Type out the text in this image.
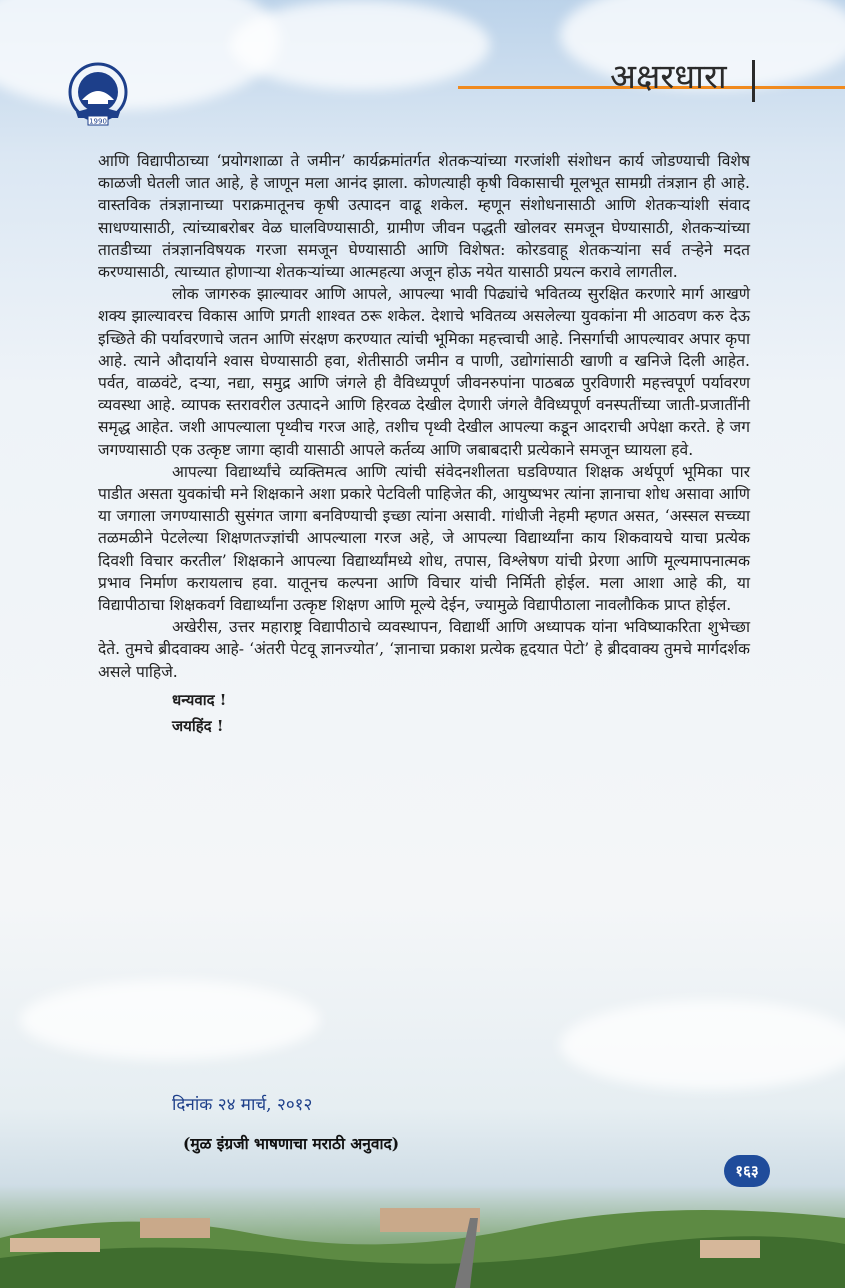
1990
अक्षरधारा

आणि विद्यापीठाच्या ‘प्रयोगशाळा ते जमीन’ कार्यक्रमांतर्गत शेतकऱ्यांच्या गरजांशी संशोधन कार्य जोडण्याची विशेष काळजी घेतली जात आहे, हे जाणून मला आनंद झाला. कोणत्याही कृषी विकासाची मूलभूत सामग्री तंत्रज्ञान ही आहे. वास्तविक तंत्रज्ञानाच्या पराक्रमातूनच कृषी उत्पादन वाढू शकेल. म्हणून संशोधनासाठी आणि शेतकऱ्यांशी संवाद साधण्यासाठी, त्यांच्याबरोबर वेळ घालविण्यासाठी, ग्रामीण जीवन पद्धती खोलवर समजून घेण्यासाठी, शेतकऱ्यांच्या तातडीच्या तंत्रज्ञानविषयक गरजा समजून घेण्यासाठी आणि विशेषत: कोरडवाहू शेतकऱ्यांना सर्व तऱ्हेने मदत करण्यासाठी, त्याच्यात होणाऱ्या शेतकऱ्यांच्या आत्महत्या अजून होऊ नयेत यासाठी प्रयत्न करावे लागतील.

लोक जागरुक झाल्यावर आणि आपले, आपल्या भावी पिढ्यांचे भवितव्य सुरक्षित करणारे मार्ग आखणे शक्य झाल्यावरच विकास आणि प्रगती शाश्वत ठरू शकेल. देशाचे भवितव्य असलेल्या युवकांना मी आठवण करु देऊ इच्छिते की पर्यावरणाचे जतन आणि संरक्षण करण्यात त्यांची भूमिका महत्त्वाची आहे. निसर्गाची आपल्यावर अपार कृपा आहे. त्याने औदार्याने श्वास घेण्यासाठी हवा, शेतीसाठी जमीन व पाणी, उद्योगांसाठी खाणी व खनिजे दिली आहेत. पर्वत, वाळवंटे, दऱ्या, नद्या, समुद्र आणि जंगले ही वैविध्यपूर्ण जीवनरुपांना पाठबळ पुरविणारी महत्त्वपूर्ण पर्यावरण व्यवस्था आहे. व्यापक स्तरावरील उत्पादने आणि हिरवळ देखील देणारी जंगले वैविध्यपूर्ण वनस्पतींच्या जाती-प्रजातींनी समृद्ध आहेत. जशी आपल्याला पृथ्वीच गरज आहे, तशीच पृथ्वी देखील आपल्या कडून आदराची अपेक्षा करते. हे जग जगण्यासाठी एक उत्कृष्ट जागा व्हावी यासाठी आपले कर्तव्य आणि जबाबदारी प्रत्येकाने समजून घ्यायला हवे.

आपल्या विद्यार्थ्यांचे व्यक्तिमत्व आणि त्यांची संवेदनशीलता घडविण्यात शिक्षक अर्थपूर्ण भूमिका पार पाडीत असता युवकांची मने शिक्षकाने अशा प्रकारे पेटविली पाहिजेत की, आयुष्यभर त्यांना ज्ञानाचा शोध असावा आणि या जगाला जगण्यासाठी सुसंगत जागा बनविण्याची इच्छा त्यांना असावी. गांधीजी नेहमी म्हणत असत, ‘अस्सल सच्च्या तळमळीने पेटलेल्या शिक्षणतज्ज्ञांची आपल्याला गरज अहे, जे आपल्या विद्यार्थ्यांना काय शिकवायचे याचा प्रत्येक दिवशी विचार करतील’ शिक्षकाने आपल्या विद्यार्थ्यांमध्ये शोध, तपास, विश्लेषण यांची प्रेरणा आणि मूल्यमापनात्मक प्रभाव निर्माण करायलाच हवा. यातूनच कल्पना आणि विचार यांची निर्मिती होईल. मला आशा आहे की, या विद्यापीठाचा शिक्षकवर्ग विद्यार्थ्यांना उत्कृष्ट शिक्षण आणि मूल्ये देईन, ज्यामुळे विद्यापीठाला नावलौकिक प्राप्त होईल.

अखेरीस, उत्तर महाराष्ट्र विद्यापीठाचे व्यवस्थापन, विद्यार्थी आणि अध्यापक यांना भविष्याकरिता शुभेच्छा देते. तुमचे ब्रीदवाक्य आहे- ‘अंतरी पेटवू ज्ञानज्योत’, ‘ज्ञानाचा प्रकाश प्रत्येक हृदयात पेटो’ हे ब्रीदवाक्य तुमचे मार्गदर्शक असले पाहिजे.

धन्यवाद !
जयहिंद !
दिनांक २४ मार्च, २०१२
(मुळ इंग्रजी भाषणाचा मराठी अनुवाद)
१६३
